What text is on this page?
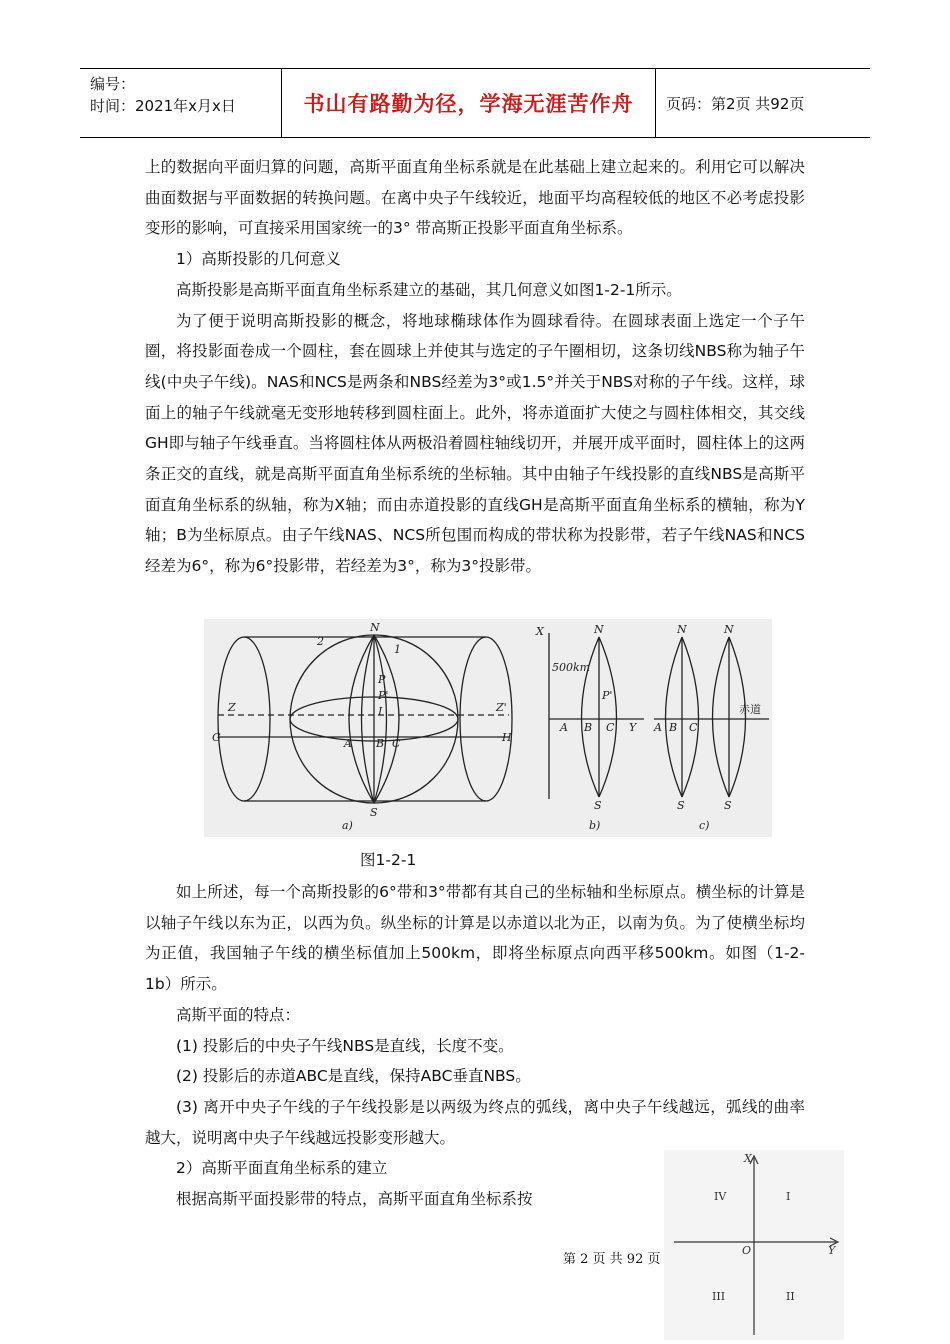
编号：
时间：2021年x月x日	书山有路勤为径，学海无涯苦作舟	页码：第2页 共92页

上的数据向平面归算的问题，高斯平面直角坐标系就是在此基础上建立起来的。利用它可以解决曲面数据与平面数据的转换问题。在离中央子午线较近，地面平均高程较低的地区不必考虑投影变形的影响，可直接采用国家统一的3° 带高斯正投影平面直角坐标系。

1）高斯投影的几何意义

高斯投影是高斯平面直角坐标系建立的基础，其几何意义如图1-2-1所示。

为了便于说明高斯投影的概念，将地球椭球体作为圆球看待。在圆球表面上选定一个子午圈，将投影面卷成一个圆柱，套在圆球上并使其与选定的子午圈相切，这条切线NBS称为轴子午线(中央子午线)。NAS和NCS是两条和NBS经差为3°或1.5°并关于NBS对称的子午线。这样，球面上的轴子午线就毫无变形地转移到圆柱面上。此外，将赤道面扩大使之与圆柱体相交，其交线GH即与轴子午线垂直。当将圆柱体从两极沿着圆柱轴线切开，并展开成平面时，圆柱体上的这两条正交的直线，就是高斯平面直角坐标系统的坐标轴。其中由轴子午线投影的直线NBS是高斯平面直角坐标系的纵轴，称为X轴；而由赤道投影的直线GH是高斯平面直角坐标系的横轴，称为Y轴；B为坐标原点。由子午线NAS、NCS所包围而构成的带状称为投影带，若子午线NAS和NCS经差为6°，称为6°投影带，若经差为3°，称为3°投影带。

N
S
G	H
Z	Z'
A B C
I
P
P'
2
1
a)
X	N
500km
P'
A B C Y
S
b)
N	N
A B C
赤道
S	S
c)
图1-2-1

如上所述，每一个高斯投影的6°带和3°带都有其自己的坐标轴和坐标原点。横坐标的计算是以轴子午线以东为正，以西为负。纵坐标的计算是以赤道以北为正，以南为负。为了使横坐标均为正值，我国轴子午线的横坐标值加上500km，即将坐标原点向西平移500km。如图（1-2-1b）所示。

高斯平面的特点：

(1) 投影后的中央子午线NBS是直线，长度不变。

(2) 投影后的赤道ABC是直线，保持ABC垂直NBS。

(3) 离开中央子午线的子午线投影是以两级为终点的弧线，离中央子午线越远，弧线的曲率越大，说明离中央子午线越远投影变形越大。

2）高斯平面直角坐标系的建立

根据高斯平面投影带的特点，高斯平面直角坐标系按

X
IV	I
O	Y
III	II
第 2 页 共 92 页
